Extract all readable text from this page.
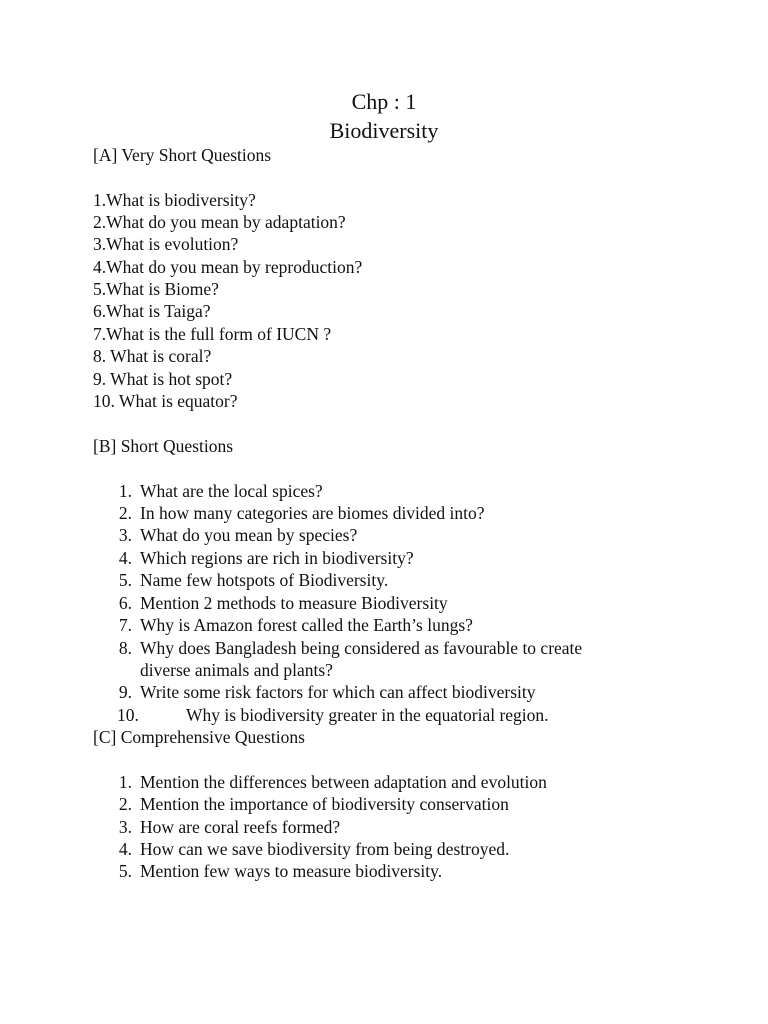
Chp : 1
Biodiversity
[A] Very Short Questions
1.What is biodiversity?
2.What do you mean by adaptation?
3.What is evolution?
4.What do you mean by reproduction?
5.What is Biome?
6.What is Taiga?
7.What is the full form of IUCN ?
8. What is coral?
9. What is hot spot?
10. What is equator?
[B] Short Questions
1. What are the local spices?
2. In how many categories are biomes divided into?
3. What do you mean by species?
4. Which regions are rich in biodiversity?
5. Name few hotspots of Biodiversity.
6. Mention 2 methods to measure Biodiversity
7. Why is Amazon forest called the Earth’s lungs?
8. Why does Bangladesh being considered as favourable to create
diverse animals and plants?
9. Write some risk factors for which can affect biodiversity
10.	Why is biodiversity greater in the equatorial region.
[C] Comprehensive Questions
1. Mention the differences between adaptation and evolution
2. Mention the importance of biodiversity conservation
3. How are coral reefs formed?
4. How can we save biodiversity from being destroyed.
5. Mention few ways to measure biodiversity.
